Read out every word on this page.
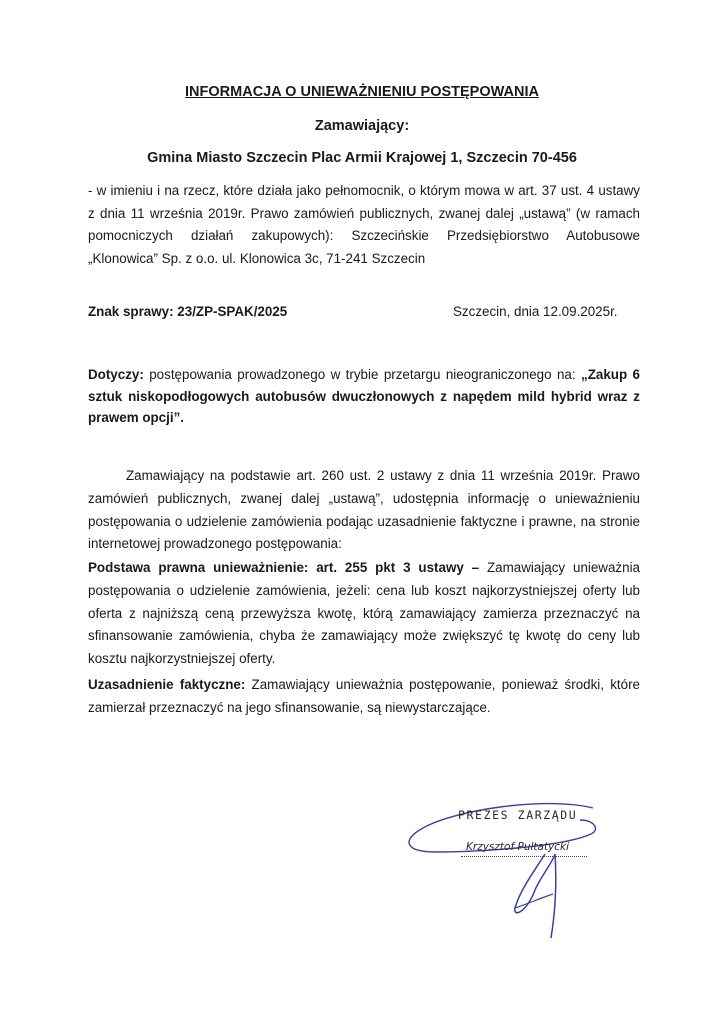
INFORMACJA O UNIEWAŻNIENIU POSTĘPOWANIA
Zamawiający:
Gmina Miasto Szczecin Plac Armii Krajowej 1, Szczecin 70-456
- w imieniu i na rzecz, które działa jako pełnomocnik, o którym mowa w art. 37 ust. 4 ustawy z dnia 11 września 2019r. Prawo zamówień publicznych, zwanej dalej „ustawą” (w ramach pomocniczych działań zakupowych): Szczecińskie Przedsiębiorstwo Autobusowe „Klonowica” Sp. z o.o. ul. Klonowica 3c, 71-241 Szczecin
Znak sprawy: 23/ZP-SPAK/2025	Szczecin, dnia 12.09.2025r.
Dotyczy: postępowania prowadzonego w trybie przetargu nieograniczonego na: „Zakup 6 sztuk niskopodłogowych autobusów dwuczłonowych z napędem mild hybrid wraz z prawem opcji”.
Zamawiający na podstawie art. 260 ust. 2 ustawy z dnia 11 września 2019r. Prawo zamówień publicznych, zwanej dalej „ustawą”, udostępnia informację o unieważnieniu postępowania o udzielenie zamówienia podając uzasadnienie faktyczne i prawne, na stronie internetowej prowadzonego postępowania:
Podstawa prawna unieważnienie: art. 255 pkt 3 ustawy – Zamawiający unieważnia postępowania o udzielenie zamówienia, jeżeli: cena lub koszt najkorzystniejszej oferty lub oferta z najniższą ceną przewyższa kwotę, którą zamawiający zamierza przeznaczyć na sfinansowanie zamówienia, chyba że zamawiający może zwiększyć tę kwotę do ceny lub kosztu najkorzystniejszej oferty.
Uzasadnienie faktyczne: Zamawiający unieważnia postępowanie, ponieważ środki, które zamierzał przeznaczyć na jego sfinansowanie, są niewystarczające.
PREZES ZARZĄDU
Krzysztof Pultatycki
